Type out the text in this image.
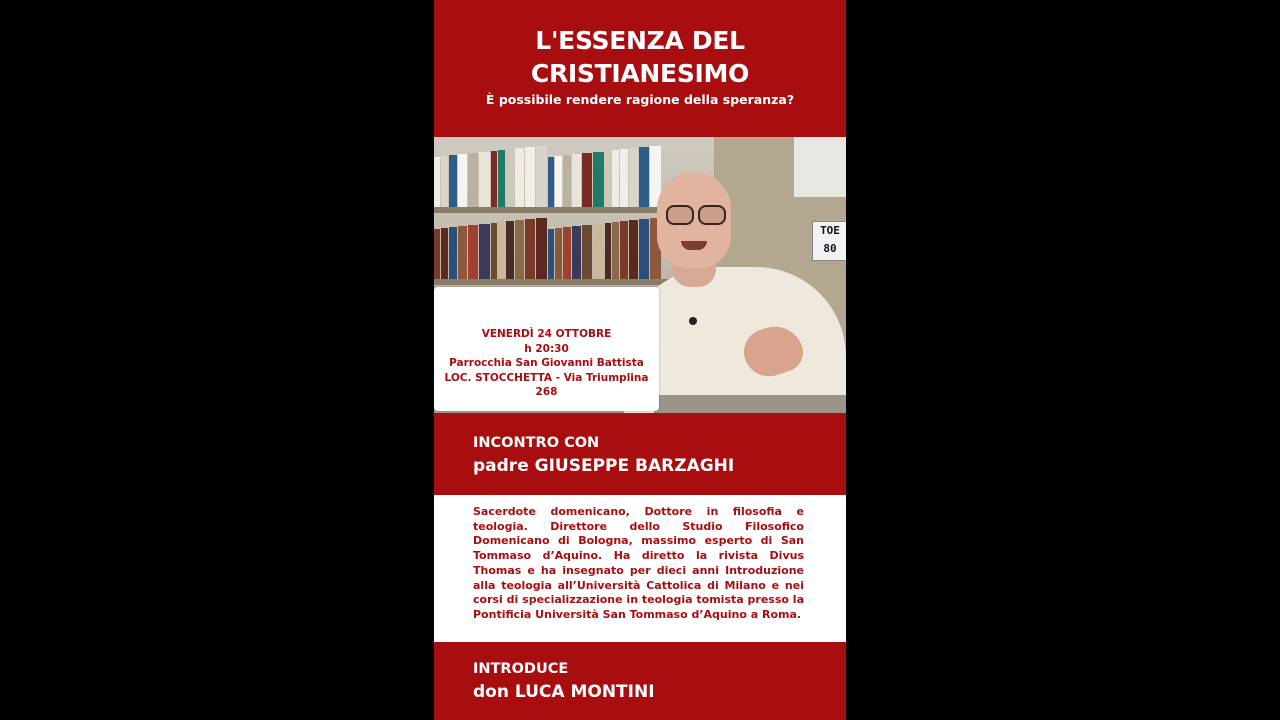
L'ESSENZA DEL
CRISTIANESIMO
È possibile rendere ragione della speranza?
TOE
80
VENERDÌ 24 OTTOBRE
h 20:30
Parrocchia San Giovanni Battista
LOC. STOCCHETTA - Via Triumplina 268
INCONTRO CON
padre GIUSEPPE BARZAGHI

Sacerdote domenicano, Dottore in filosofia e teologia. Direttore dello Studio Filosofico Domenicano di Bologna, massimo esperto di San Tommaso d’Aquino. Ha diretto la rivista Divus Thomas e ha insegnato per dieci anni Introduzione alla teologia all’Università Cattolica di Milano e nei corsi di specializzazione in teologia tomista presso la Pontificia Università San Tommaso d’Aquino a Roma.

INTRODUCE
don LUCA MONTINI
